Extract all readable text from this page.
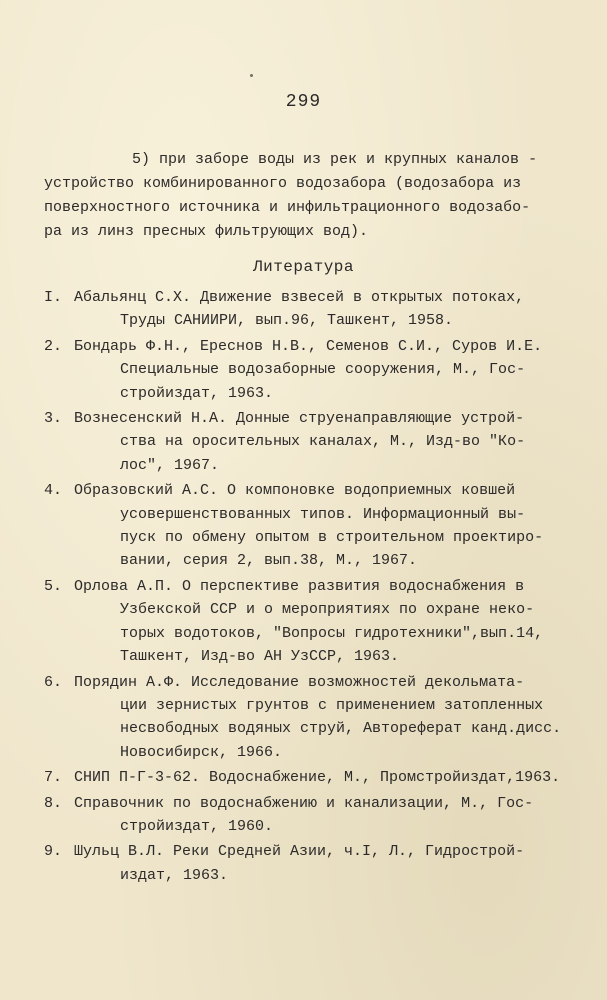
299
5) при заборе воды из рек и крупных каналов -
устройство комбинированного водозабора (водозабора из
поверхностного источника и инфильтрационного водозабо-
ра из линз пресных фильтрующих вод).
Литература
I. Абальянц С.Х. Движение взвесей в открытых потоках,
Труды САНИИРИ, вып.96, Ташкент, 1958.
2. Бондарь Ф.Н., Ереснов Н.В., Семенов С.И., Суров И.Е.
Специальные водозаборные сооружения, М., Гос-
стройиздат, 1963.
3. Вознесенский Н.А. Донные струенаправляющие устрой-
ства на оросительных каналах, М., Изд-во "Ко-
лос", 1967.
4. Образовский А.С. О компоновке водоприемных ковшей
усовершенствованных типов. Информационный вы-
пуск по обмену опытом в строительном проектиро-
вании, серия 2, вып.38, М., 1967.
5. Орлова А.П. О перспективе развития водоснабжения в
Узбекской ССР и о мероприятиях по охране неко-
торых водотоков, "Вопросы гидротехники",вып.14,
Ташкент, Изд-во АН УзССР, 1963.
6. Порядин А.Ф. Исследование возможностей декольмата-
ции зернистых грунтов с применением затопленных
несвободных водяных струй, Автореферат канд.дисс.
Новосибирск, 1966.
7. СНИП П-Г-3-62. Водоснабжение, М., Промстройиздат,1963.
8. Справочник по водоснабжению и канализации, М., Гос-
стройиздат, 1960.
9. Шульц В.Л. Реки Средней Азии, ч.I, Л., Гидрострой-
издат, 1963.
